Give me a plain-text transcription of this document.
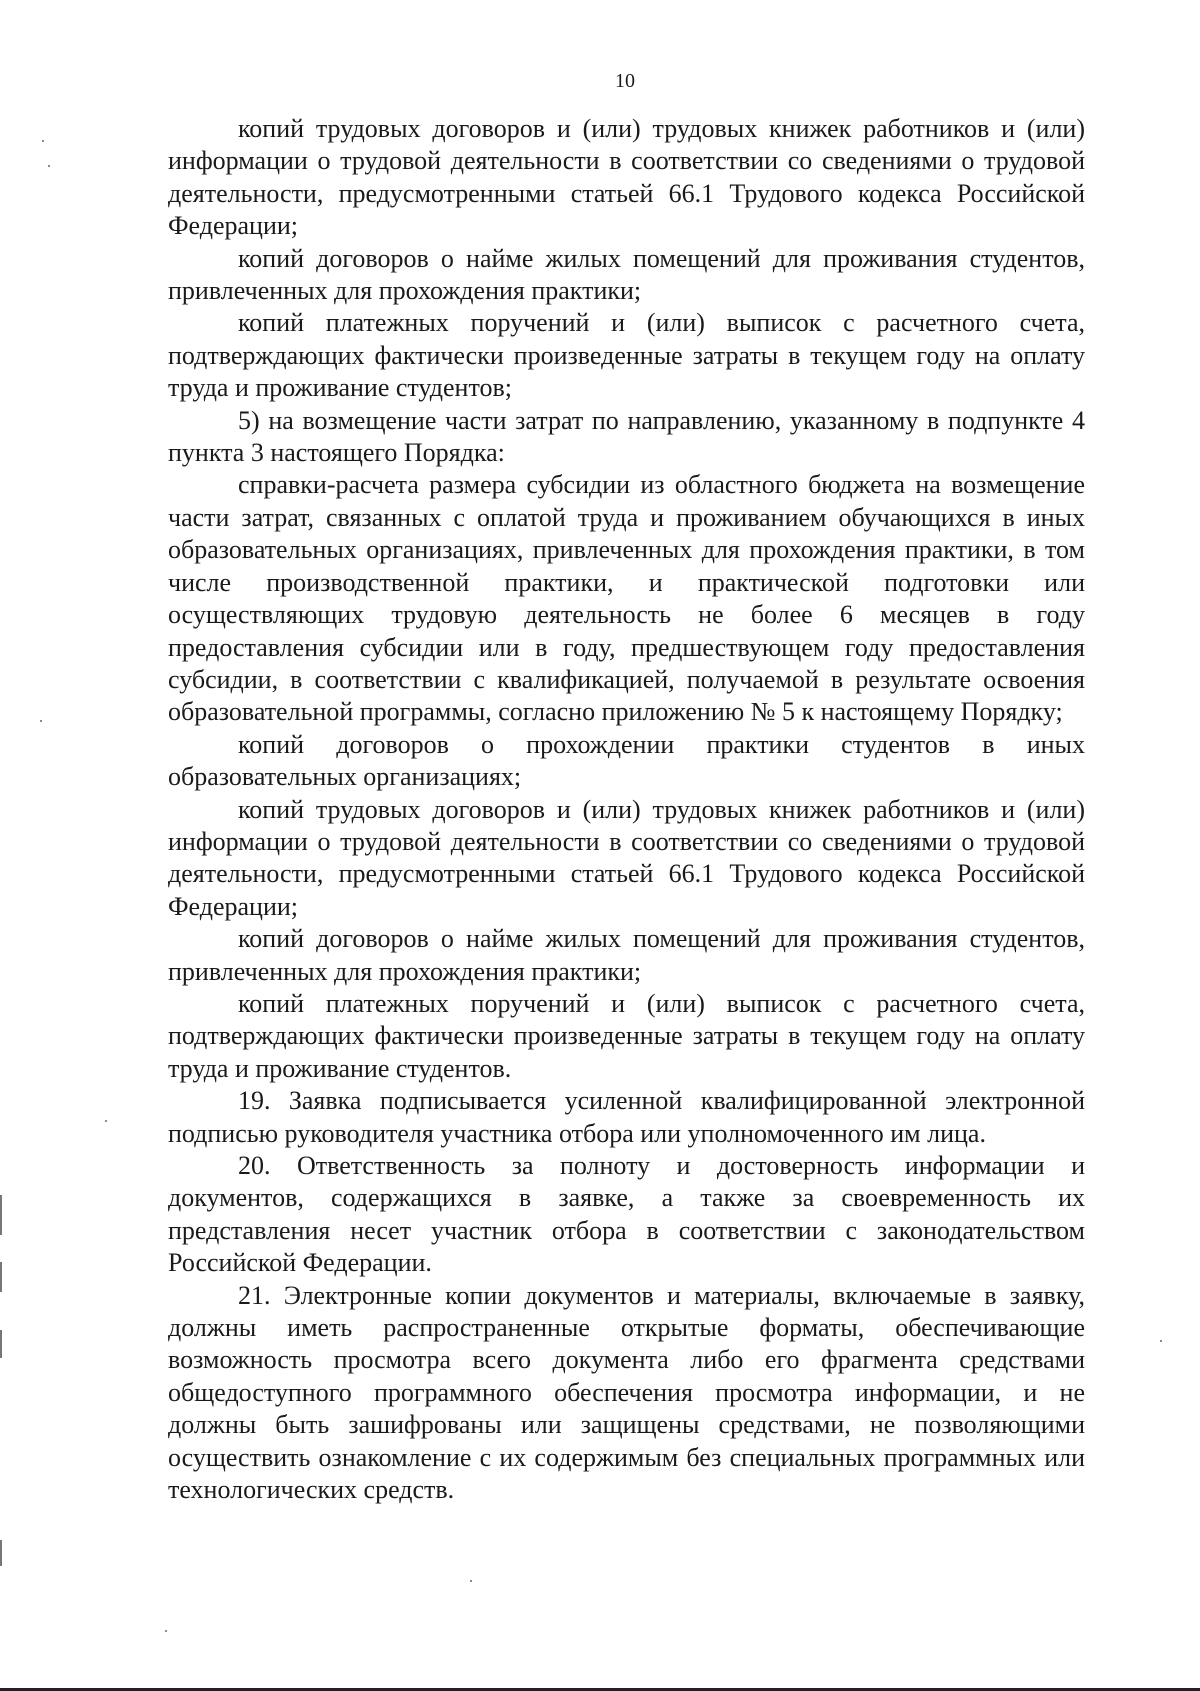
10

копий трудовых договоров и (или) трудовых книжек работников и (или) информации о трудовой деятельности в соответствии со сведениями о трудовой деятельности, предусмотренными статьей 66.1 Трудового кодекса Российской Федерации;

копий договоров о найме жилых помещений для проживания студентов, привлеченных для прохождения практики;

копий платежных поручений и (или) выписок с расчетного счета, подтверждающих фактически произведенные затраты в текущем году на оплату труда и проживание студентов;

5) на возмещение части затрат по направлению, указанному в подпункте 4 пункта 3 настоящего Порядка:

справки-расчета размера субсидии из областного бюджета на возмещение части затрат, связанных с оплатой труда и проживанием обучающихся в иных образовательных организациях, привлеченных для прохождения практики, в том числе производственной практики, и практической подготовки или осуществляющих трудовую деятельность не более 6 месяцев в году предоставления субсидии или в году, предшествующем году предоставления субсидии, в соответствии с квалификацией, получаемой в результате освоения образовательной программы, согласно приложению № 5 к настоящему Порядку;

копий договоров о прохождении практики студентов в иных образовательных организациях;

копий трудовых договоров и (или) трудовых книжек работников и (или) информации о трудовой деятельности в соответствии со сведениями о трудовой деятельности, предусмотренными статьей 66.1 Трудового кодекса Российской Федерации;

копий договоров о найме жилых помещений для проживания студентов, привлеченных для прохождения практики;

копий платежных поручений и (или) выписок с расчетного счета, подтверждающих фактически произведенные затраты в текущем году на оплату труда и проживание студентов.

19. Заявка подписывается усиленной квалифицированной электронной подписью руководителя участника отбора или уполномоченного им лица.

20. Ответственность за полноту и достоверность информации и документов, содержащихся в заявке, а также за своевременность их представления несет участник отбора в соответствии с законодательством Российской Федерации.

21. Электронные копии документов и материалы, включаемые в заявку, должны иметь распространенные открытые форматы, обеспечивающие возможность просмотра всего документа либо его фрагмента средствами общедоступного программного обеспечения просмотра информации, и не должны быть зашифрованы или защищены средствами, не позволяющими осуществить ознакомление с их содержимым без специальных программных или технологических средств.
